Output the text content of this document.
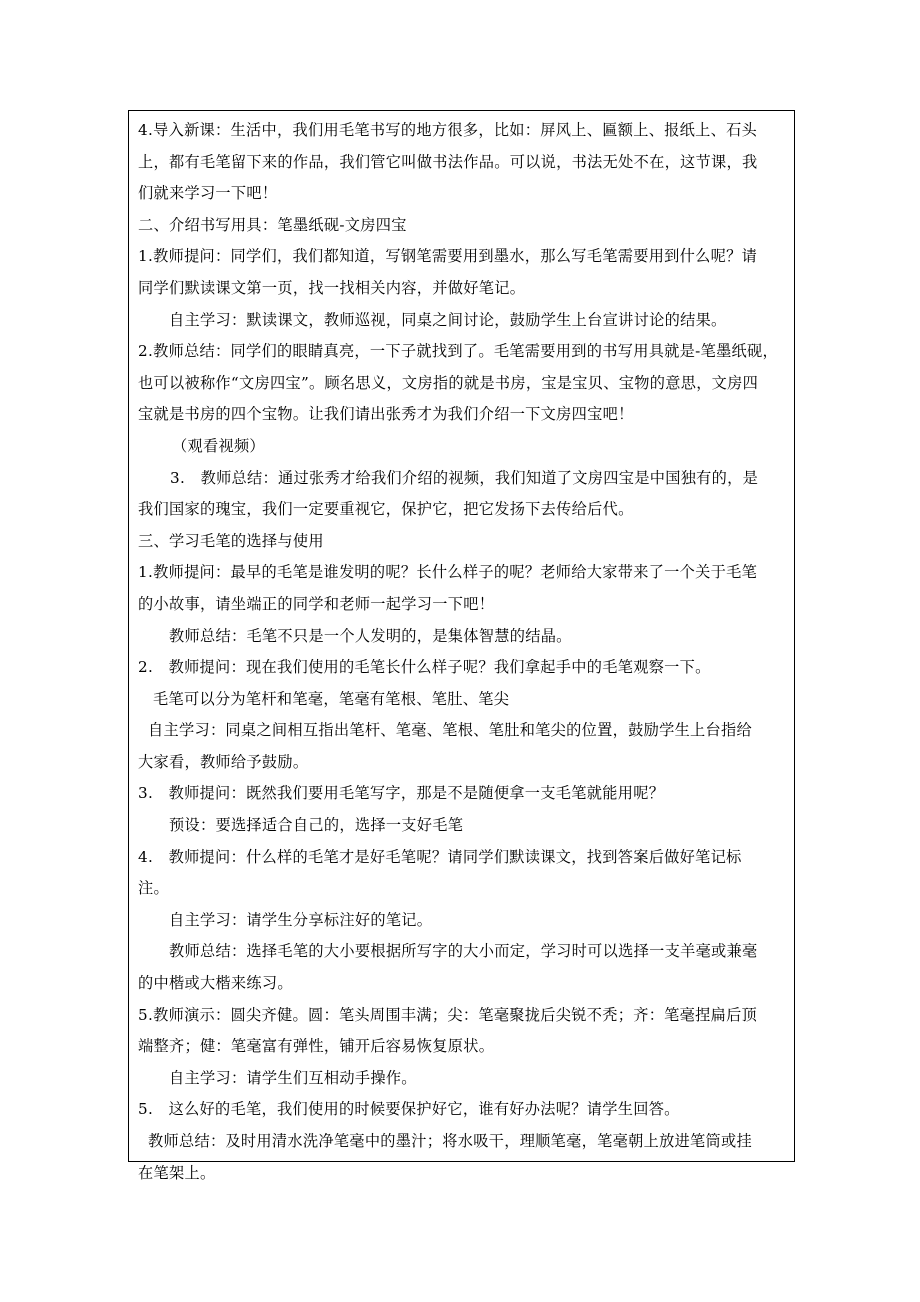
4.导入新课：生活中，我们用毛笔书写的地方很多，比如：屏风上、匾额上、报纸上、石头
上，都有毛笔留下来的作品，我们管它叫做书法作品。可以说，书法无处不在，这节课，我
们就来学习一下吧！
二、介绍书写用具：笔墨纸砚-文房四宝
1.教师提问：同学们，我们都知道，写钢笔需要用到墨水，那么写毛笔需要用到什么呢？请
同学们默读课文第一页，找一找相关内容，并做好笔记。
自主学习：默读课文，教师巡视，同桌之间讨论，鼓励学生上台宣讲讨论的结果。
2.教师总结：同学们的眼睛真亮，一下子就找到了。毛笔需要用到的书写用具就是-笔墨纸砚，
也可以被称作“文房四宝”。顾名思义，文房指的就是书房，宝是宝贝、宝物的意思，文房四
宝就是书房的四个宝物。让我们请出张秀才为我们介绍一下文房四宝吧！
（观看视频）
3.　教师总结：通过张秀才给我们介绍的视频，我们知道了文房四宝是中国独有的，是
我们国家的瑰宝，我们一定要重视它，保护它，把它发扬下去传给后代。
三、学习毛笔的选择与使用
1.教师提问：最早的毛笔是谁发明的呢？长什么样子的呢？老师给大家带来了一个关于毛笔
的小故事，请坐端正的同学和老师一起学习一下吧！
教师总结：毛笔不只是一个人发明的，是集体智慧的结晶。
2.　教师提问：现在我们使用的毛笔长什么样子呢？我们拿起手中的毛笔观察一下。
毛笔可以分为笔杆和笔毫，笔毫有笔根、笔肚、笔尖
自主学习：同桌之间相互指出笔杆、笔毫、笔根、笔肚和笔尖的位置，鼓励学生上台指给
大家看，教师给予鼓励。
3.　教师提问：既然我们要用毛笔写字，那是不是随便拿一支毛笔就能用呢？
预设：要选择适合自己的，选择一支好毛笔
4.　教师提问：什么样的毛笔才是好毛笔呢？请同学们默读课文，找到答案后做好笔记标
注。
自主学习：请学生分享标注好的笔记。
教师总结：选择毛笔的大小要根据所写字的大小而定，学习时可以选择一支羊毫或兼毫
的中楷或大楷来练习。
5.教师演示：圆尖齐健。圆：笔头周围丰满；尖：笔毫聚拢后尖锐不秃；齐：笔毫捏扁后顶
端整齐；健：笔毫富有弹性，铺开后容易恢复原状。
自主学习：请学生们互相动手操作。
5.　这么好的毛笔，我们使用的时候要保护好它，谁有好办法呢？请学生回答。
教师总结：及时用清水洗净笔毫中的墨汁；将水吸干，理顺笔毫，笔毫朝上放进笔筒或挂
在笔架上。
